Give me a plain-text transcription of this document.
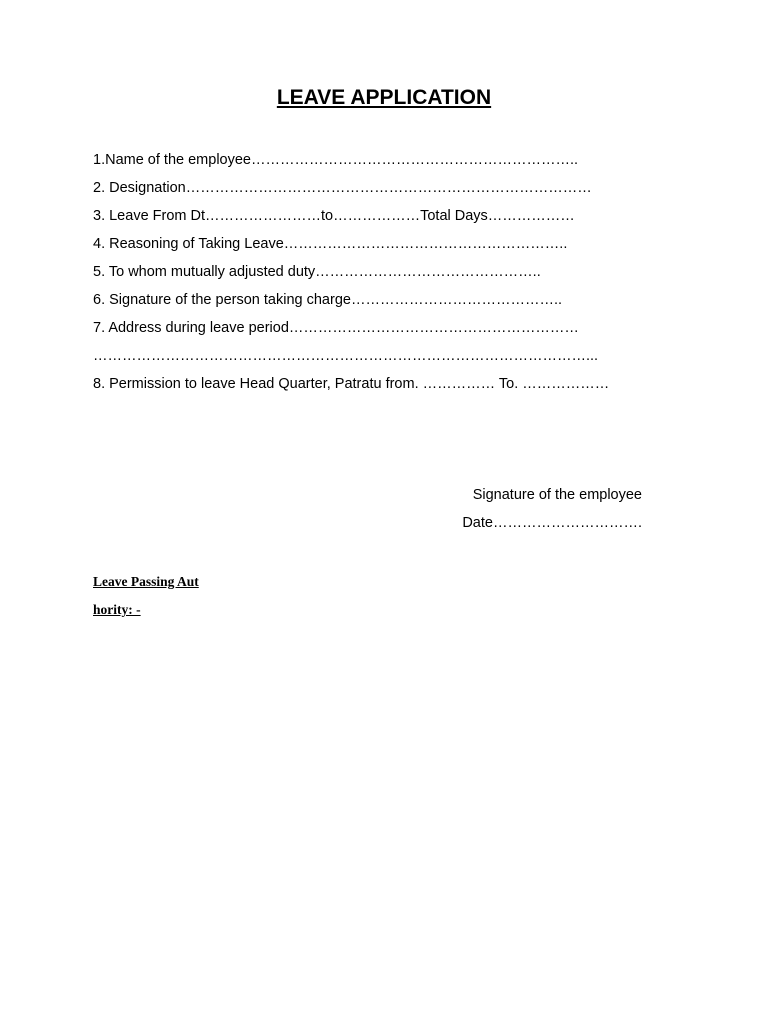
LEAVE APPLICATION
1.Name of the employee…………………………………………………………..
2. Designation…………………………………………………………………………
3. Leave From Dt……………………to………………Total Days………………
4. Reasoning of Taking Leave…………………………………………………..
5. To whom mutually adjusted duty………………………………………..
6. Signature of the person taking charge……………………………………..
7. Address during leave period……………………………………………………
…………………………………………………………………………………………...
8. Permission to leave Head Quarter, Patratu from. …………… To. ………………
Signature of the employee
Date………………………….
Leave Passing Aut
hority: -
